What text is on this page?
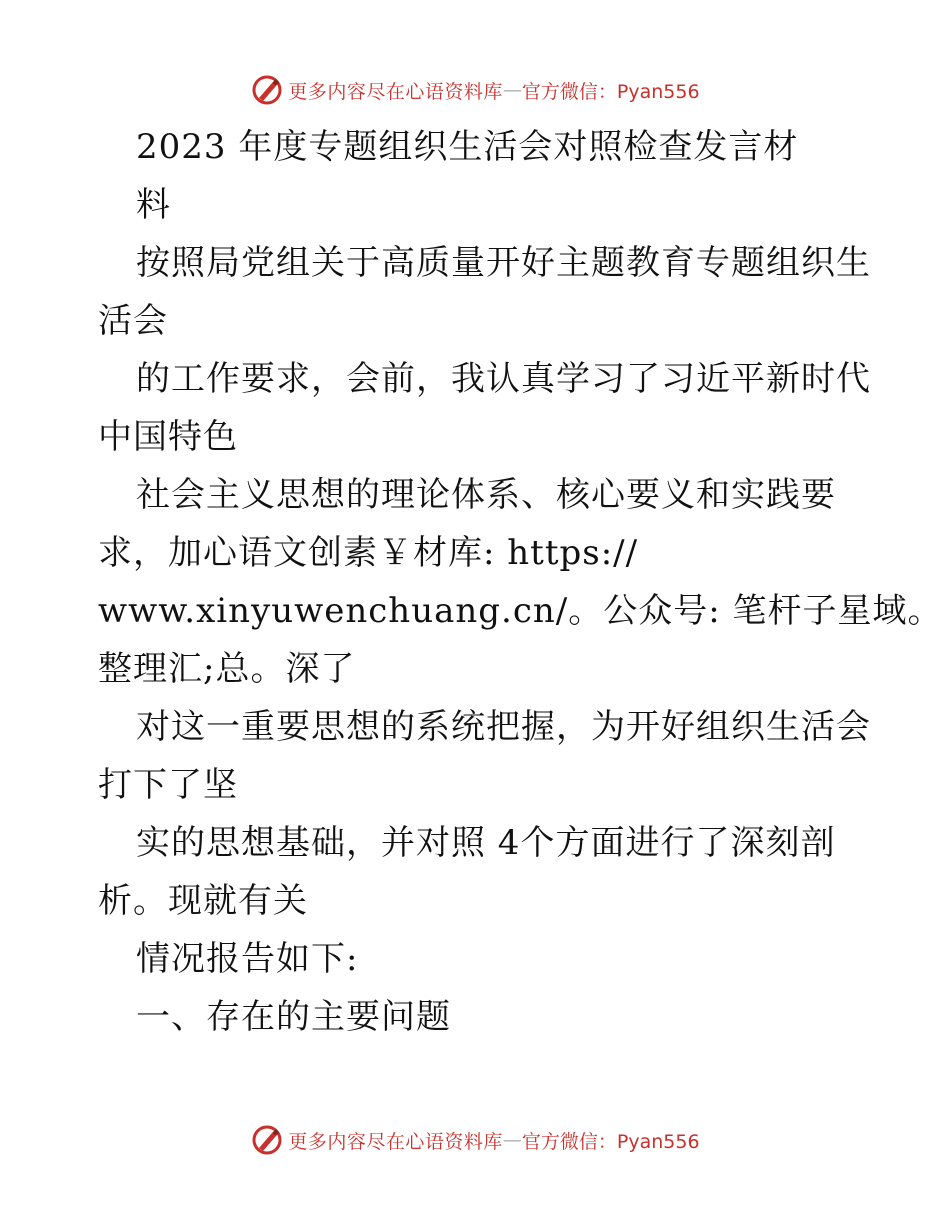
更多内容尽在心语资料库 — 官方微信：Pyan556
2023 年度专题组织生活会对照检查发言材
料
按照局党组关于高质量开好主题教育专题组织生
活会
的工作要求，会前，我认真学习了习近平新时代
中国特色
社会主义思想的理论体系、核心要义和实践要
求，加心语文创素￥材库: https://
www.xinyuwenchuang.cn/。公众号: 笔杆子星域。
整理汇;总。深了
对这一重要思想的系统把握，为开好组织生活会
打下了坚
实的思想基础，并对照 4个方面进行了深刻剖
析。现就有关
情况报告如下:
一、存在的主要问题
更多内容尽在心语资料库 — 官方微信：Pyan556
